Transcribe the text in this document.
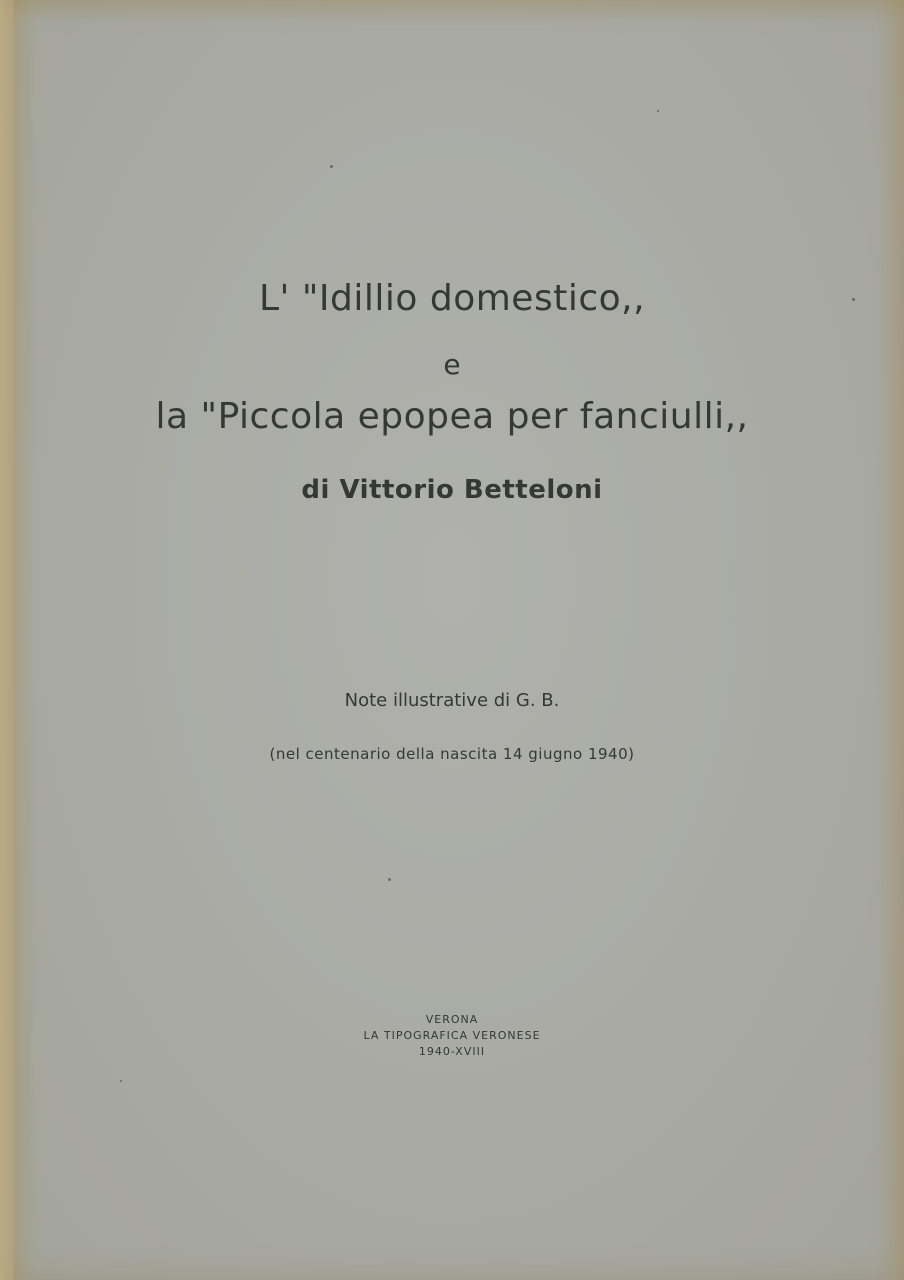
L' "Idillio domestico,,
e
la "Piccola epopea per fanciulli,,
di Vittorio Betteloni
Note illustrative di G. B.
(nel centenario della nascita 14 giugno 1940)
VERONA
LA TIPOGRAFICA VERONESE
1940-XVIII
